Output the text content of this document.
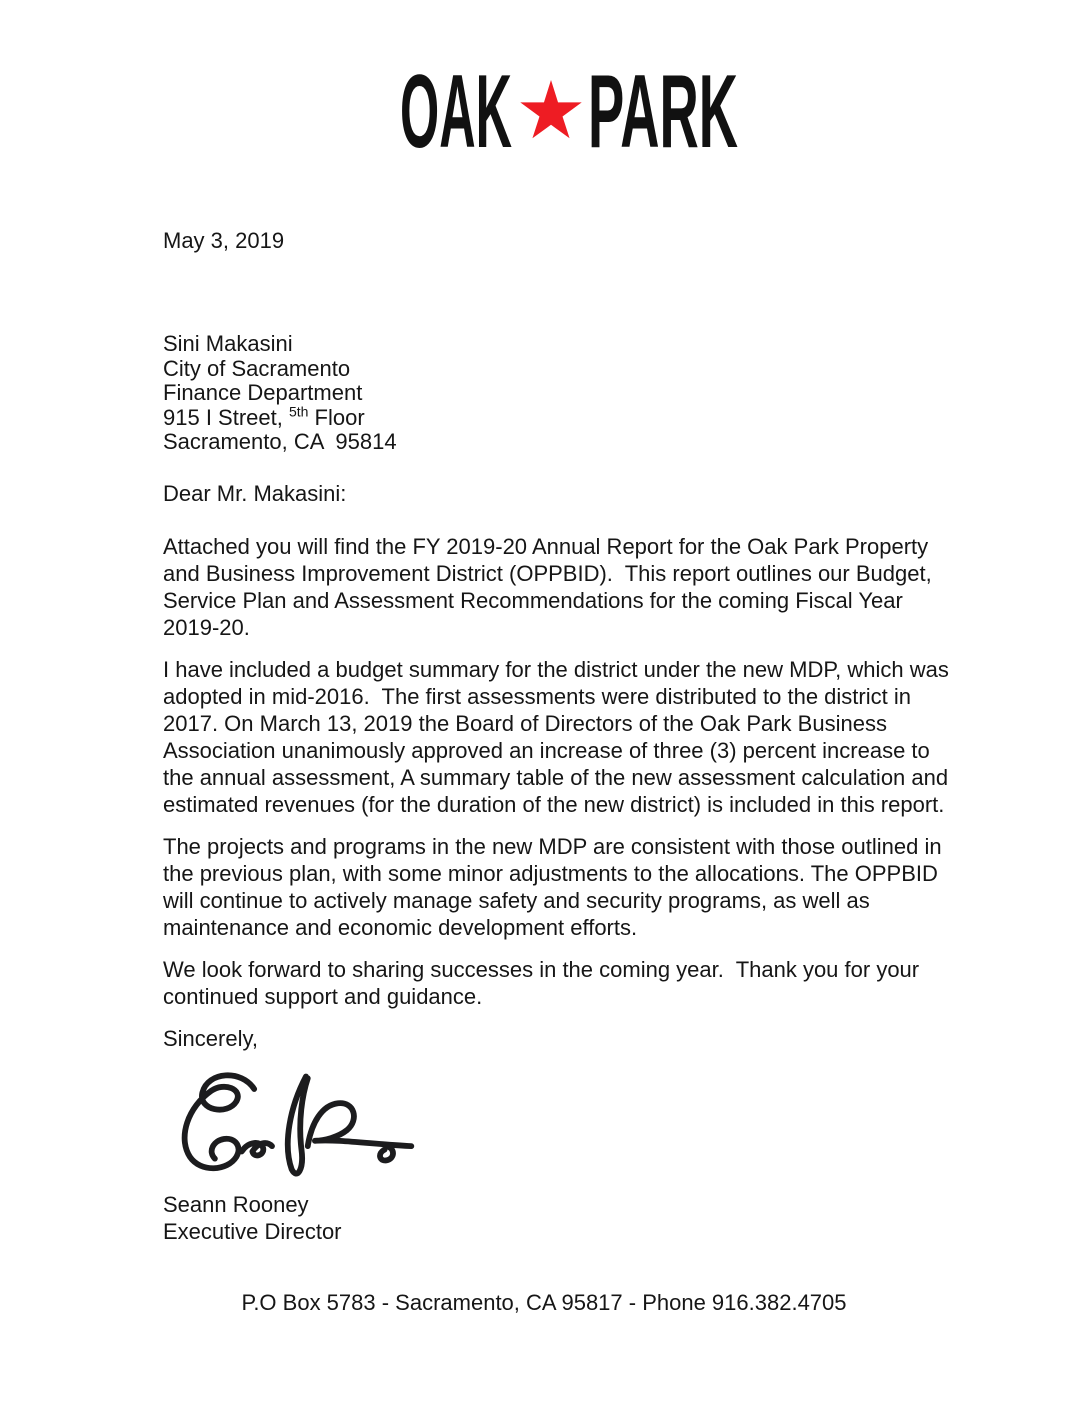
OAK PARK
May 3, 2019
Sini Makasini
City of Sacramento
Finance Department
915 I Street, $^{5th}$ Floor
Sacramento, CA  95814
Dear Mr. Makasini:

Attached you will find the FY 2019-20 Annual Report for the Oak Park Property and Business Improvement District (OPPBID).  This report outlines our Budget, Service Plan and Assessment Recommendations for the coming Fiscal Year 2019-20.

I have included a budget summary for the district under the new MDP, which was adopted in mid-2016.  The first assessments were distributed to the district in 2017. On March 13, 2019 the Board of Directors of the Oak Park Business Association unanimously approved an increase of three (3) percent increase to the annual assessment, A summary table of the new assessment calculation and estimated revenues (for the duration of the new district) is included in this report.

The projects and programs in the new MDP are consistent with those outlined in the previous plan, with some minor adjustments to the allocations. The OPPBID will continue to actively manage safety and security programs, as well as maintenance and economic development efforts.

We look forward to sharing successes in the coming year.  Thank you for your continued support and guidance.

Sincerely,
Seann Rooney
Executive Director
P.O Box 5783 - Sacramento, CA 95817 - Phone 916.382.4705
